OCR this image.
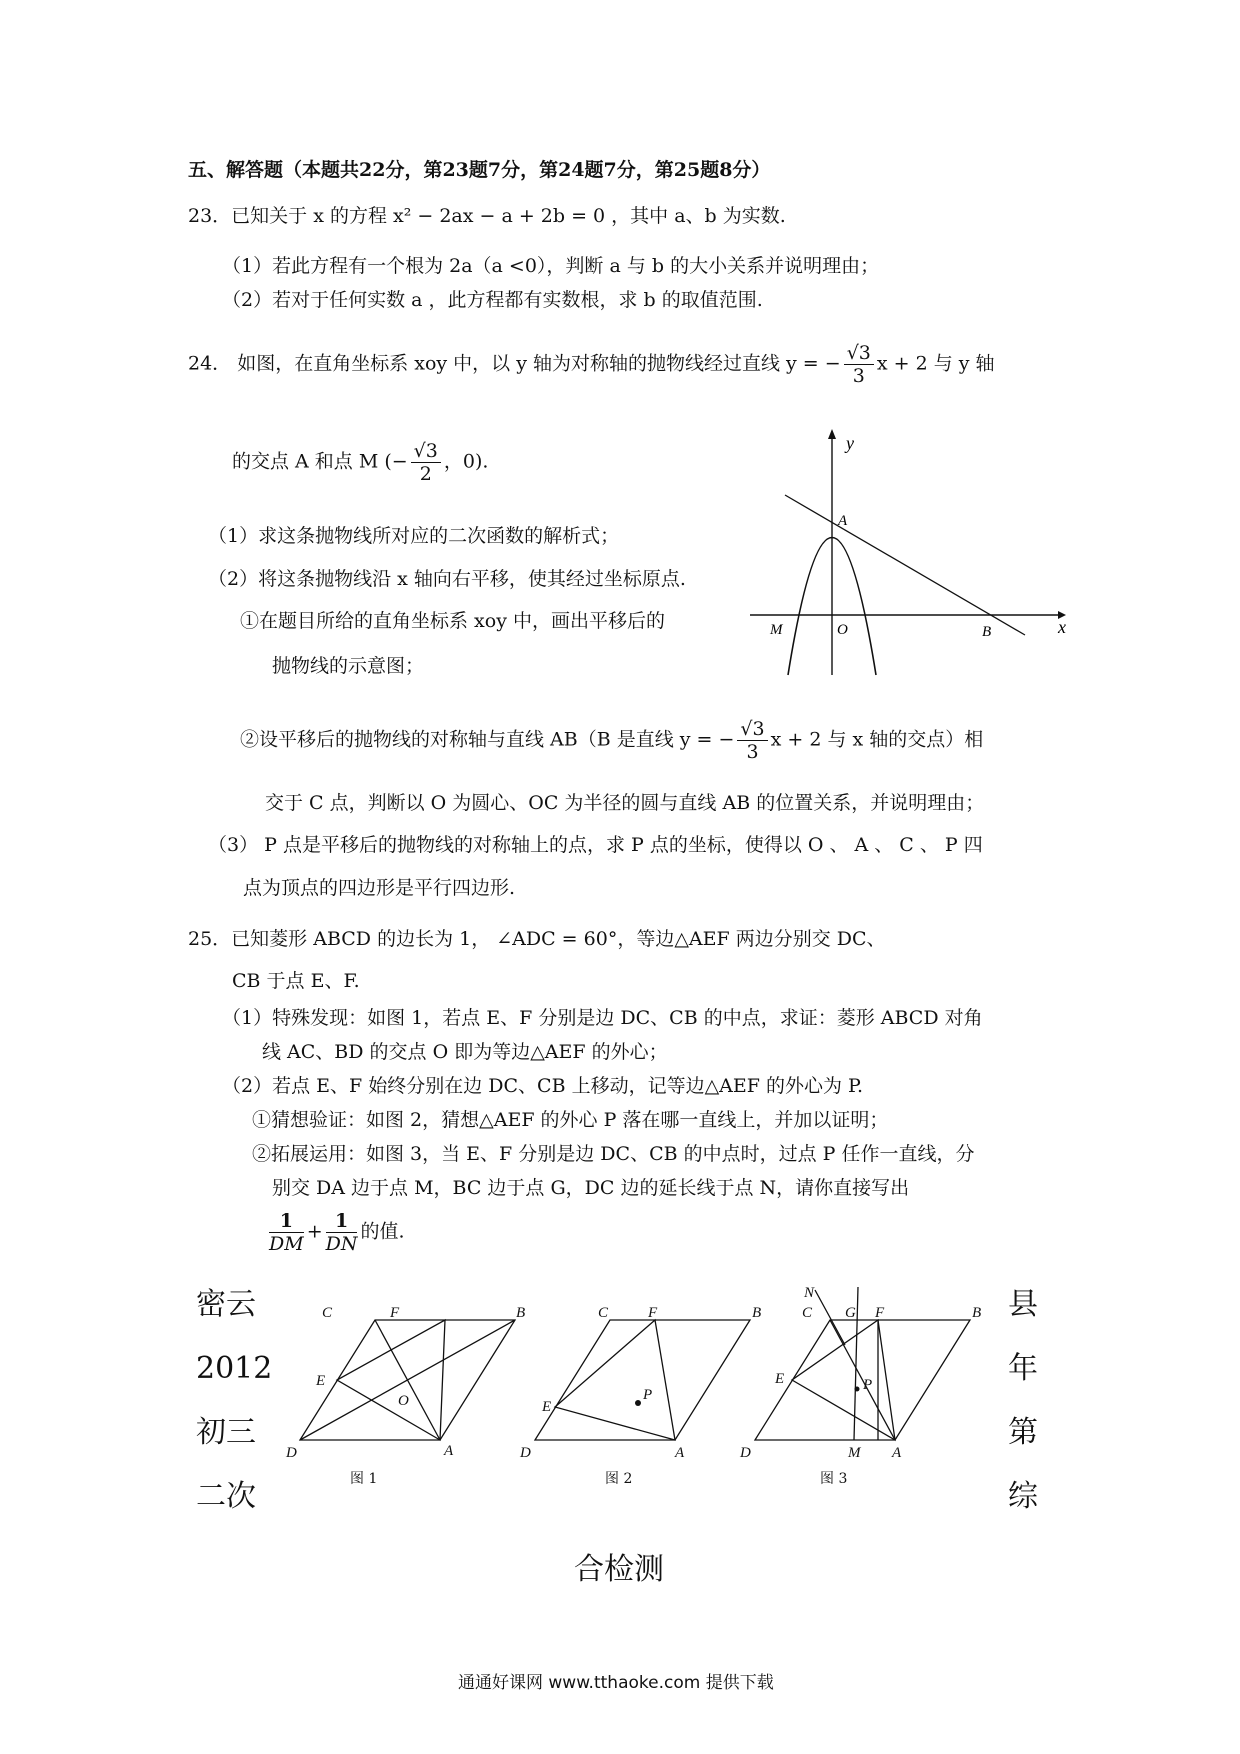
五、解答题（本题共22分，第23题7分，第24题7分，第25题8分）
23．已知关于 x 的方程 x² − 2ax − a + 2b = 0 ，其中 a、b 为实数.
（1）若此方程有一个根为 2a（a <0），判断 a 与 b 的大小关系并说明理由；
（2）若对于任何实数 a ，此方程都有实数根，求 b 的取值范围.
24． 如图，在直角坐标系 xoy 中，以 y 轴为对称轴的抛物线经过直线 y = − $\frac{√3}{3}$ x + 2 与 y 轴
的交点 A 和点 M (− $\frac{√3}{2}$ ，0).
（1）求这条抛物线所对应的二次函数的解析式；
（2）将这条抛物线沿 x 轴向右平移，使其经过坐标原点.
①在题目所给的直角坐标系 xoy 中，画出平移后的
抛物线的示意图；
②设平移后的抛物线的对称轴与直线 AB（B 是直线 y = − $\frac{√3}{3}$ x + 2 与 x 轴的交点）相
交于 C 点，判断以 O 为圆心、OC 为半径的圆与直线 AB 的位置关系，并说明理由；
（3） P 点是平移后的抛物线的对称轴上的点，求 P 点的坐标，使得以 O 、 A 、 C 、 P 四
点为顶点的四边形是平行四边形.
y
x
A
M	O	B
25．已知菱形 ABCD 的边长为 1， ∠ADC = 60°，等边△AEF 两边分别交 DC、
CB 于点 E、F.
（1）特殊发现：如图 1，若点 E、F 分别是边 DC、CB 的中点，求证：菱形 ABCD 对角
线 AC、BD 的交点 O 即为等边△AEF 的外心；
（2）若点 E、F 始终分别在边 DC、CB 上移动，记等边△AEF 的外心为 P.
①猜想验证：如图 2，猜想△AEF 的外心 P 落在哪一直线上，并加以证明；
②拓展运用：如图 3，当 E、F 分别是边 DC、CB 的中点时，过点 P 任作一直线，分
别交 DA 边于点 M，BC 边于点 G，DC 边的延长线于点 N，请你直接写出
$\frac{1}{DM} + \frac{1}{DN}$ 的值.
C	F	B
E
O
D	A
C	F	B
E
P
D	A
N
C G F	B
E	P
D	M A
图 1	图 2	图 3
密云
2012
初三
二次
县
年
第
综
合检测
通通好课网 www.tthaoke.com 提供下载
